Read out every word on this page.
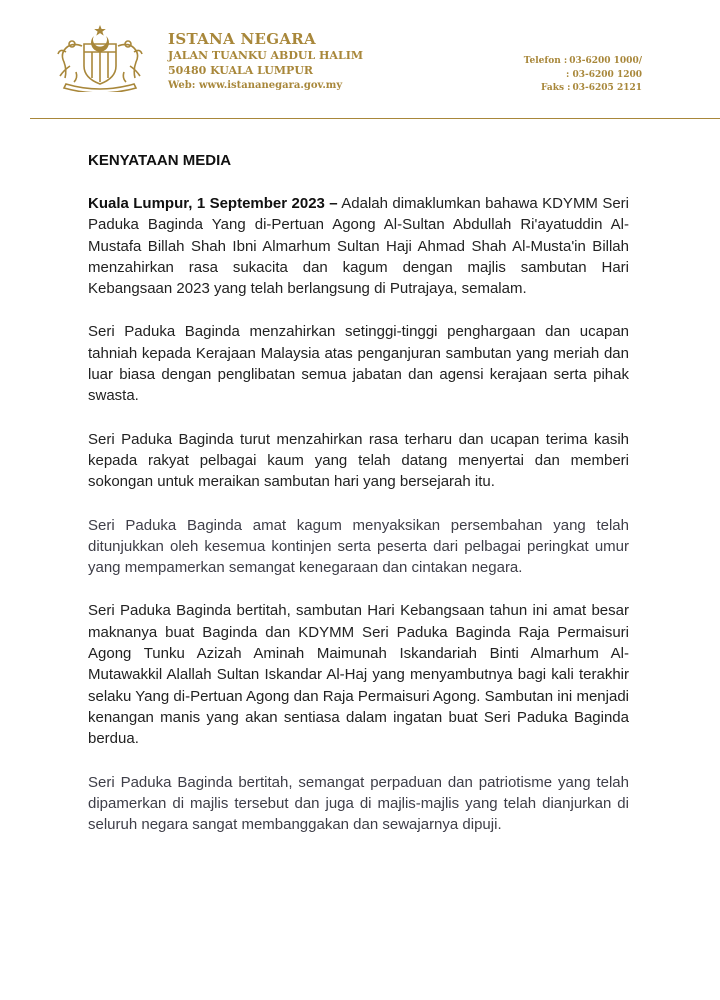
ISTANA NEGARA
JALAN TUANKU ABDUL HALIM
50480 KUALA LUMPUR
Web: www.istananegara.gov.my
Telefon : 03-6200 1000/
: 03-6200 1200
Faks : 03-6205 2121
KENYATAAN MEDIA

Kuala Lumpur, 1 September 2023 – Adalah dimaklumkan bahawa KDYMM Seri Paduka Baginda Yang di-Pertuan Agong Al-Sultan Abdullah Ri'ayatuddin Al-Mustafa Billah Shah Ibni Almarhum Sultan Haji Ahmad Shah Al-Musta'in Billah menzahirkan rasa sukacita dan kagum dengan majlis sambutan Hari Kebangsaan 2023 yang telah berlangsung di Putrajaya, semalam.

Seri Paduka Baginda menzahirkan setinggi-tinggi penghargaan dan ucapan tahniah kepada Kerajaan Malaysia atas penganjuran sambutan yang meriah dan luar biasa dengan penglibatan semua jabatan dan agensi kerajaan serta pihak swasta.

Seri Paduka Baginda turut menzahirkan rasa terharu dan ucapan terima kasih kepada rakyat pelbagai kaum yang telah datang menyertai dan memberi sokongan untuk meraikan sambutan hari yang bersejarah itu.

Seri Paduka Baginda amat kagum menyaksikan persembahan yang telah ditunjukkan oleh kesemua kontinjen serta peserta dari pelbagai peringkat umur yang mempamerkan semangat kenegaraan dan cintakan negara.

Seri Paduka Baginda bertitah, sambutan Hari Kebangsaan tahun ini amat besar maknanya buat Baginda dan KDYMM Seri Paduka Baginda Raja Permaisuri Agong Tunku Azizah Aminah Maimunah Iskandariah Binti Almarhum Al-Mutawakkil Alallah Sultan Iskandar Al-Haj yang menyambutnya bagi kali terakhir selaku Yang di-Pertuan Agong dan Raja Permaisuri Agong. Sambutan ini menjadi kenangan manis yang akan sentiasa dalam ingatan buat Seri Paduka Baginda berdua.

Seri Paduka Baginda bertitah, semangat perpaduan dan patriotisme yang telah dipamerkan di majlis tersebut dan juga di majlis-majlis yang telah dianjurkan di seluruh negara sangat membanggakan dan sewajarnya dipuji.
